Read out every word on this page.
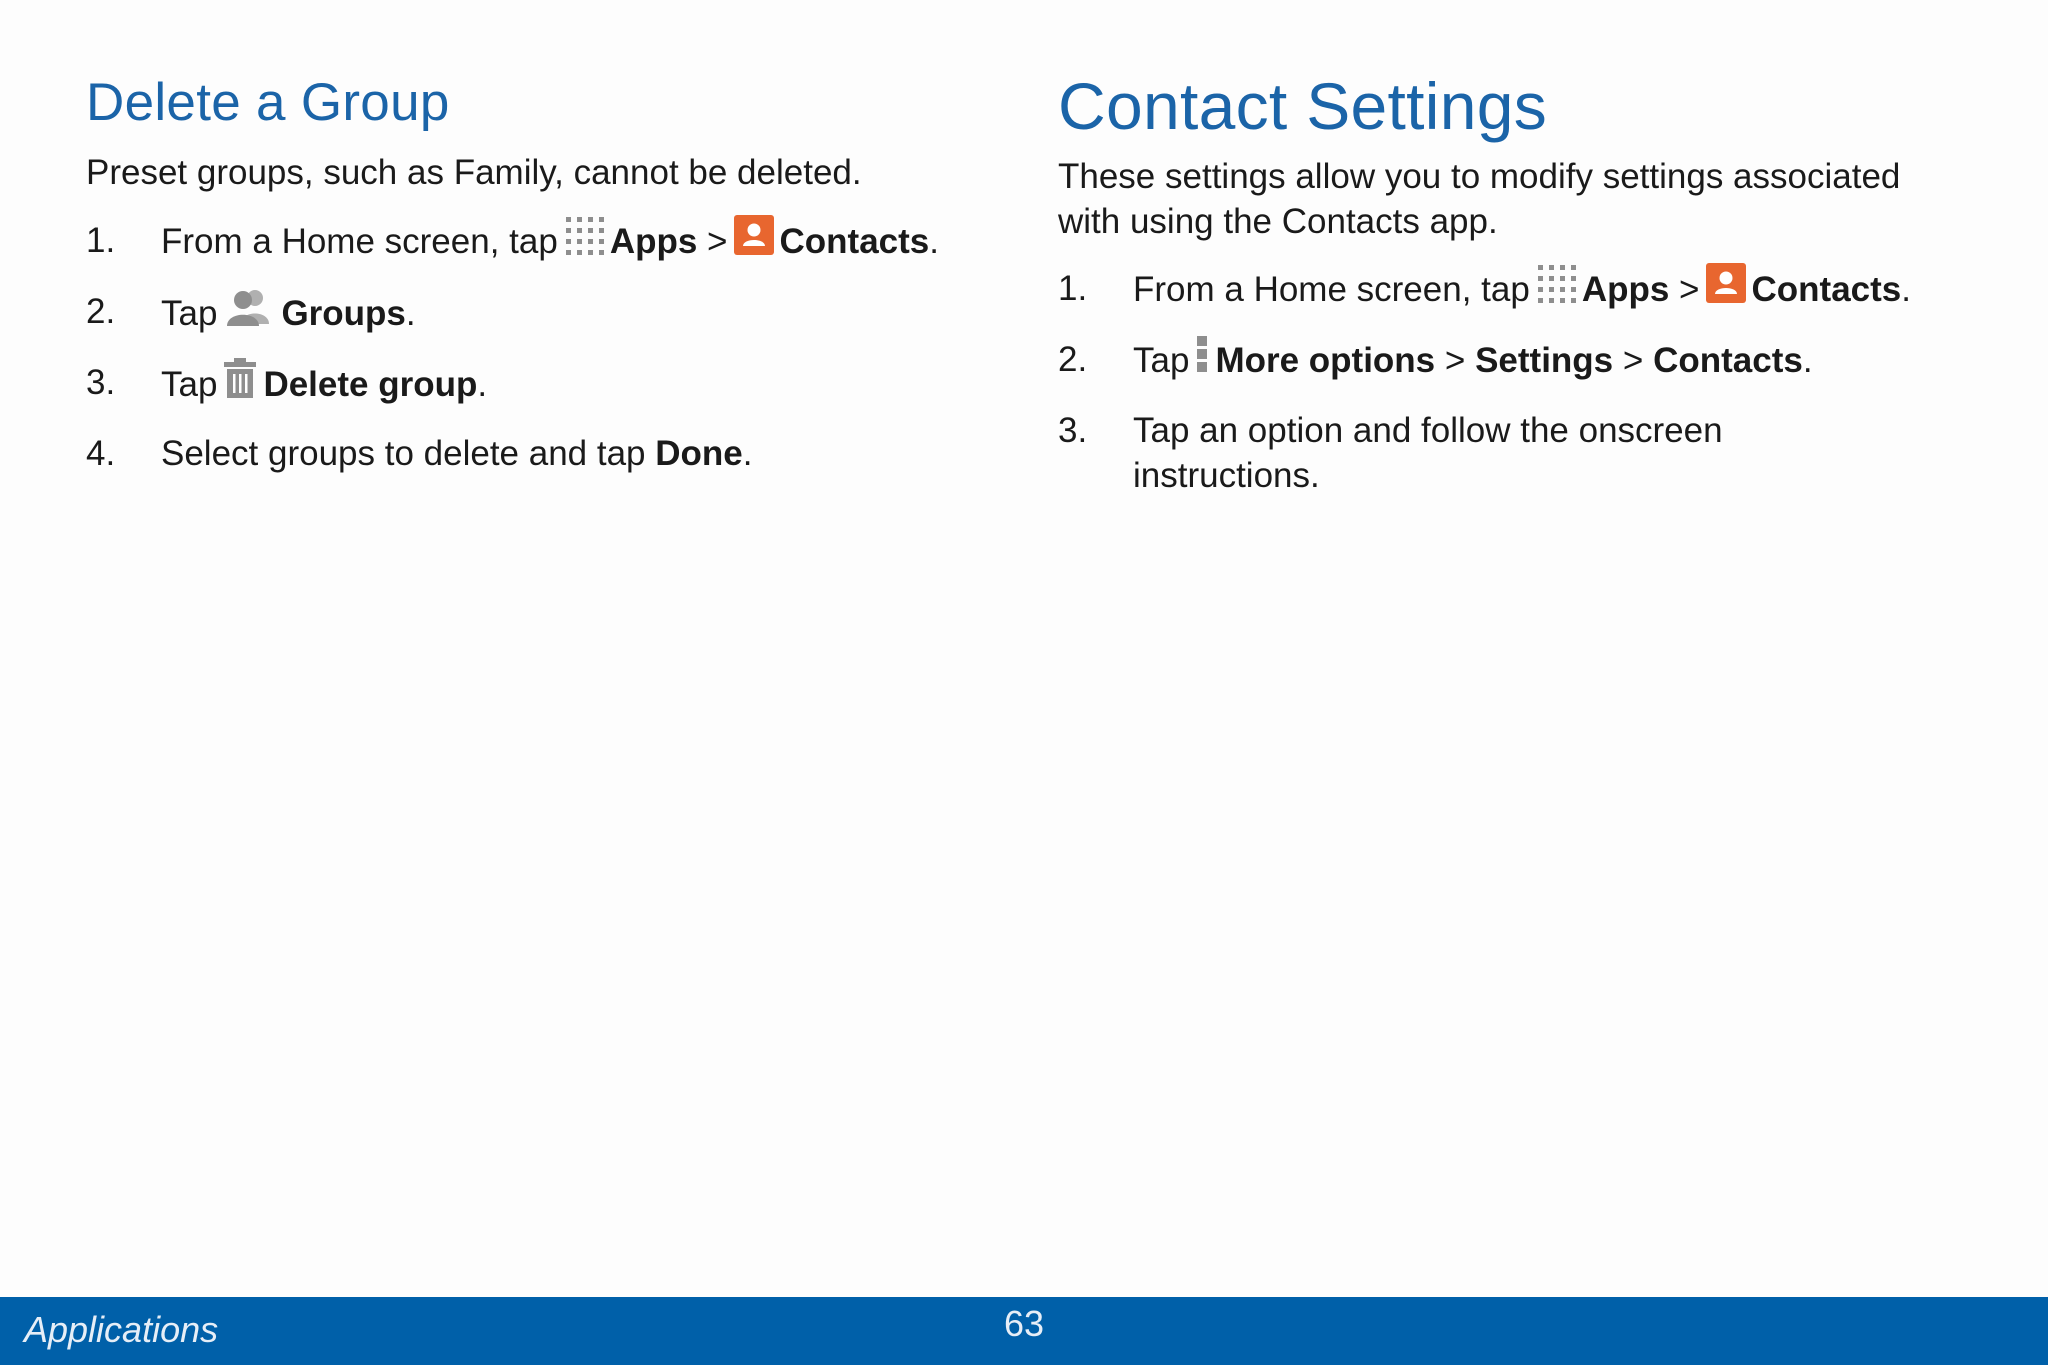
Delete a Group

Preset groups, such as Family, cannot be deleted.

1. From a Home screen, tap Apps > Contacts.
2. Tap Groups.
3. Tap Delete group.
4. Select groups to delete and tap Done.
Contact Settings

These settings allow you to modify settings associated
with using the Contacts app.

1. From a Home screen, tap Apps > Contacts.
2. Tap More options > Settings > Contacts.
3. Tap an option and follow the onscreen
instructions.
Applications	63
